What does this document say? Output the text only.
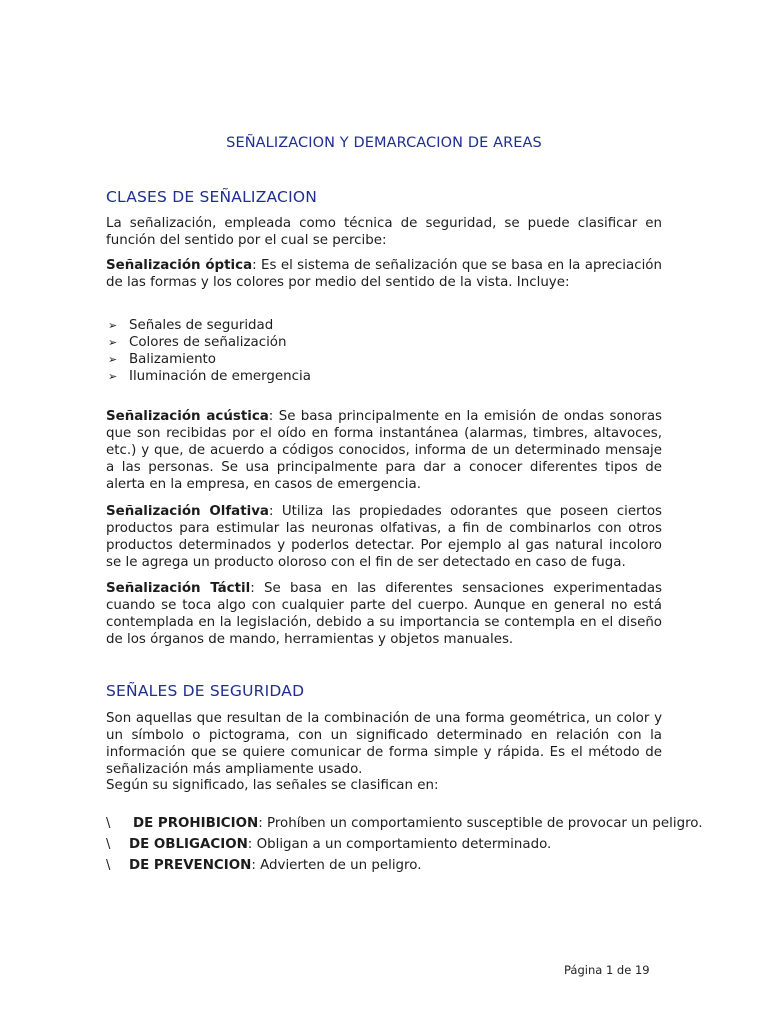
SEÑALIZACION Y DEMARCACION DE AREAS
CLASES DE SEÑALIZACION

La señalización, empleada como técnica de seguridad, se puede clasificar en función del sentido por el cual se percibe:

Señalización óptica: Es el sistema de señalización que se basa en la apreciación de las formas y los colores por medio del sentido de la vista. Incluye:

➢ Señales de seguridad
➢ Colores de señalización
➢ Balizamiento
➢ Iluminación de emergencia

Señalización acústica: Se basa principalmente en la emisión de ondas sonoras que son recibidas por el oído en forma instantánea (alarmas, timbres, altavoces, etc.) y que, de acuerdo a códigos conocidos, informa de un determinado mensaje a las personas. Se usa principalmente para dar a conocer diferentes tipos de alerta en la empresa, en casos de emergencia.

Señalización Olfativa: Utiliza las propiedades odorantes que poseen ciertos productos para estimular las neuronas olfativas, a fin de combinarlos con otros productos determinados y poderlos detectar. Por ejemplo al gas natural incoloro se le agrega un producto oloroso con el fin de ser detectado en caso de fuga.

Señalización Táctil: Se basa en las diferentes sensaciones experimentadas cuando se toca algo con cualquier parte del cuerpo. Aunque en general no está contemplada en la legislación, debido a su importancia se contempla en el diseño de los órganos de mando, herramientas y objetos manuales.

SEÑALES DE SEGURIDAD

Son aquellas que resultan de la combinación de una forma geométrica, un color y un símbolo o pictograma, con un significado determinado en relación con la información que se quiere comunicar de forma simple y rápida. Es el método de señalización más ampliamente usado.

Según su significado, las señales se clasifican en:

\ DE PROHIBICION: Prohíben un comportamiento susceptible de provocar un peligro.
\ DE OBLIGACION: Obligan a un comportamiento determinado.
\ DE PREVENCION: Advierten de un peligro.
Página 1 de 19
